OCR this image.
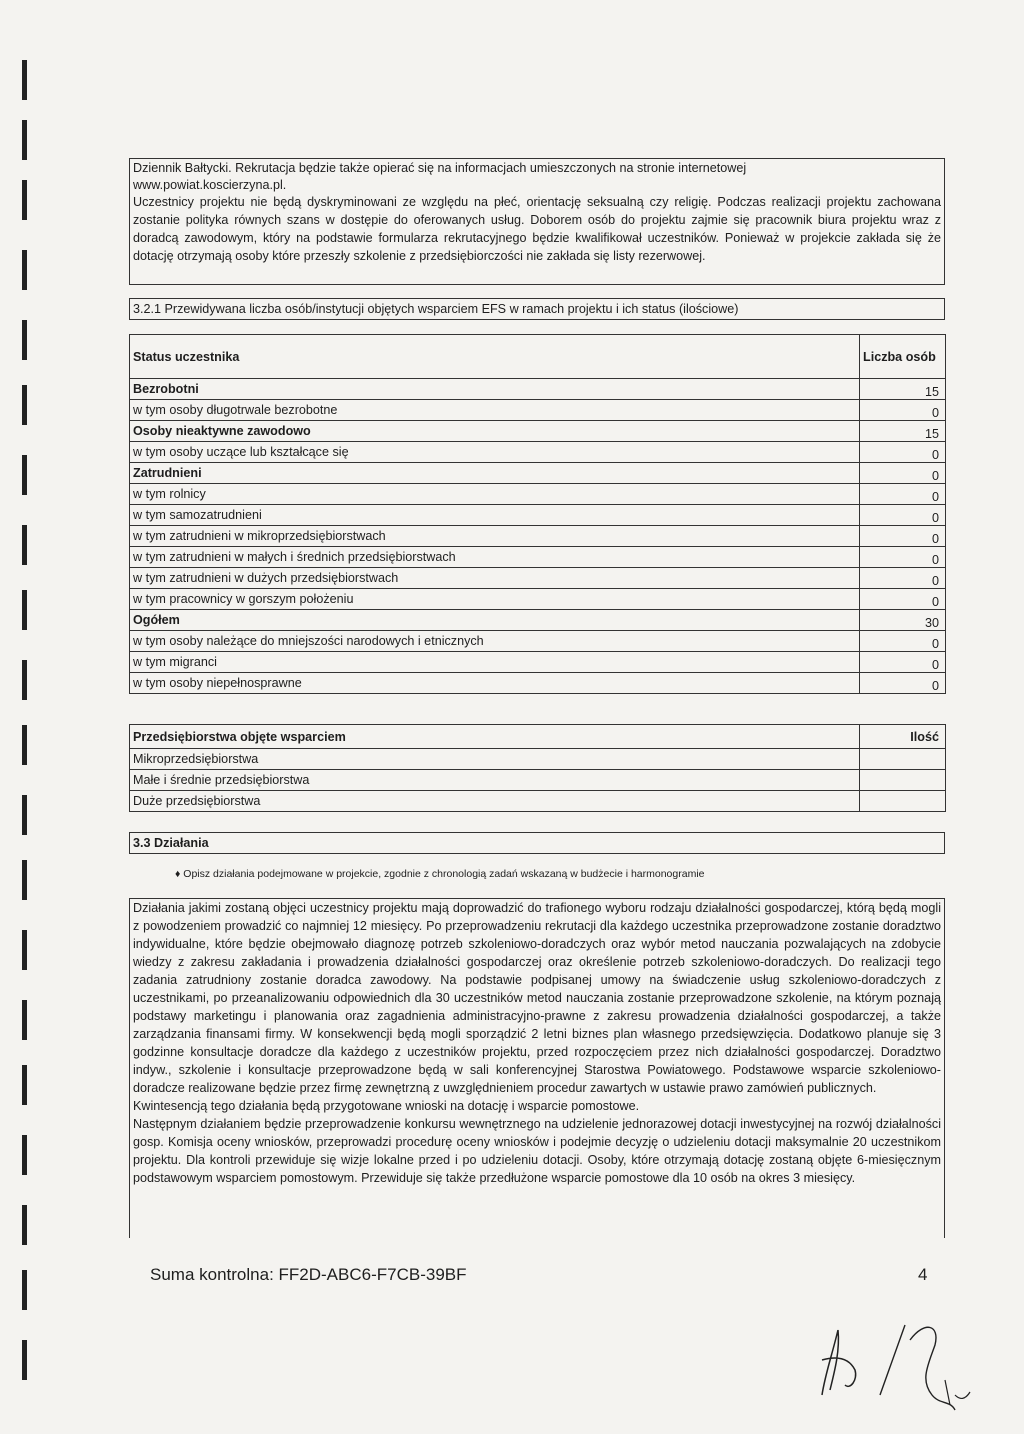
Dziennik Bałtycki. Rekrutacja będzie także opierać się na informacjach umieszczonych na stronie internetowej
www.powiat.koscierzyna.pl.

Uczestnicy projektu nie będą dyskryminowani ze względu na płeć, orientację seksualną czy religię. Podczas realizacji projektu zachowana zostanie polityka równych szans w dostępie do oferowanych usług. Doborem osób do projektu zajmie się pracownik biura projektu wraz z doradcą zawodowym, który na podstawie formularza rekrutacyjnego będzie kwalifikował uczestników. Ponieważ w projekcie zakłada się że dotację otrzymają osoby które przeszły szkolenie z przedsiębiorczości nie zakłada się listy rezerwowej.

3.2.1 Przewidywana liczba osób/instytucji objętych wsparciem EFS w ramach projektu i ich status (ilościowe)
Status uczestnika	Liczba osób
Bezrobotni	15
w tym osoby długotrwale bezrobotne	0
Osoby nieaktywne zawodowo	15
w tym osoby uczące lub kształcące się	0
Zatrudnieni	0
w tym rolnicy	0
w tym samozatrudnieni	0
w tym zatrudnieni w mikroprzedsiębiorstwach	0
w tym zatrudnieni w małych i średnich przedsiębiorstwach	0
w tym zatrudnieni w dużych przedsiębiorstwach	0
w tym pracownicy w gorszym położeniu	0
Ogółem	30
w tym osoby należące do mniejszości narodowych i etnicznych	0
w tym migranci	0
w tym osoby niepełnosprawne	0
Przedsiębiorstwa objęte wsparciem	Ilość
Mikroprzedsiębiorstwa	
Małe i średnie przedsiębiorstwa	
Duże przedsiębiorstwa	
3.3 Działania
♦ Opisz działania podejmowane w projekcie, zgodnie z chronologią zadań wskazaną w budżecie i harmonogramie

Działania jakimi zostaną objęci uczestnicy projektu mają doprowadzić do trafionego wyboru rodzaju działalności gospodarczej, którą będą mogli z powodzeniem prowadzić co najmniej 12 miesięcy. Po przeprowadzeniu rekrutacji dla każdego uczestnika przeprowadzone zostanie doradztwo indywidualne, które będzie obejmowało diagnozę potrzeb szkoleniowo-doradczych oraz wybór metod nauczania pozwalających na zdobycie wiedzy z zakresu zakładania i prowadzenia działalności gospodarczej oraz określenie potrzeb szkoleniowo-doradczych. Do realizacji tego zadania zatrudniony zostanie doradca zawodowy. Na podstawie podpisanej umowy na świadczenie usług szkoleniowo-doradczych z uczestnikami, po przeanalizowaniu odpowiednich dla 30 uczestników metod nauczania zostanie przeprowadzone szkolenie, na którym poznają podstawy marketingu i planowania oraz zagadnienia administracyjno-prawne z zakresu prowadzenia działalności gospodarczej, a także zarządzania finansami firmy. W konsekwencji będą mogli sporządzić 2 letni biznes plan własnego przedsięwzięcia. Dodatkowo planuje się 3 godzinne konsultacje doradcze dla każdego z uczestników projektu, przed rozpoczęciem przez nich działalności gospodarczej. Doradztwo indyw., szkolenie i konsultacje przeprowadzone będą w sali konferencyjnej Starostwa Powiatowego. Podstawowe wsparcie szkoleniowo-doradcze realizowane będzie przez firmę zewnętrzną z uwzględnieniem procedur zawartych w ustawie prawo zamówień publicznych.

Kwintesencją tego działania będą przygotowane wnioski na dotację i wsparcie pomostowe.

Następnym działaniem będzie przeprowadzenie konkursu wewnętrznego na udzielenie jednorazowej dotacji inwestycyjnej na rozwój działalności gosp. Komisja oceny wniosków, przeprowadzi procedurę oceny wniosków i podejmie decyzję o udzieleniu dotacji maksymalnie 20 uczestnikom projektu. Dla kontroli przewiduje się wizje lokalne przed i po udzieleniu dotacji. Osoby, które otrzymają dotację zostaną objęte 6-miesięcznym podstawowym wsparciem pomostowym. Przewiduje się także przedłużone wsparcie pomostowe dla 10 osób na okres 3 miesięcy.

Suma kontrolna: FF2D-ABC6-F7CB-39BF	4
